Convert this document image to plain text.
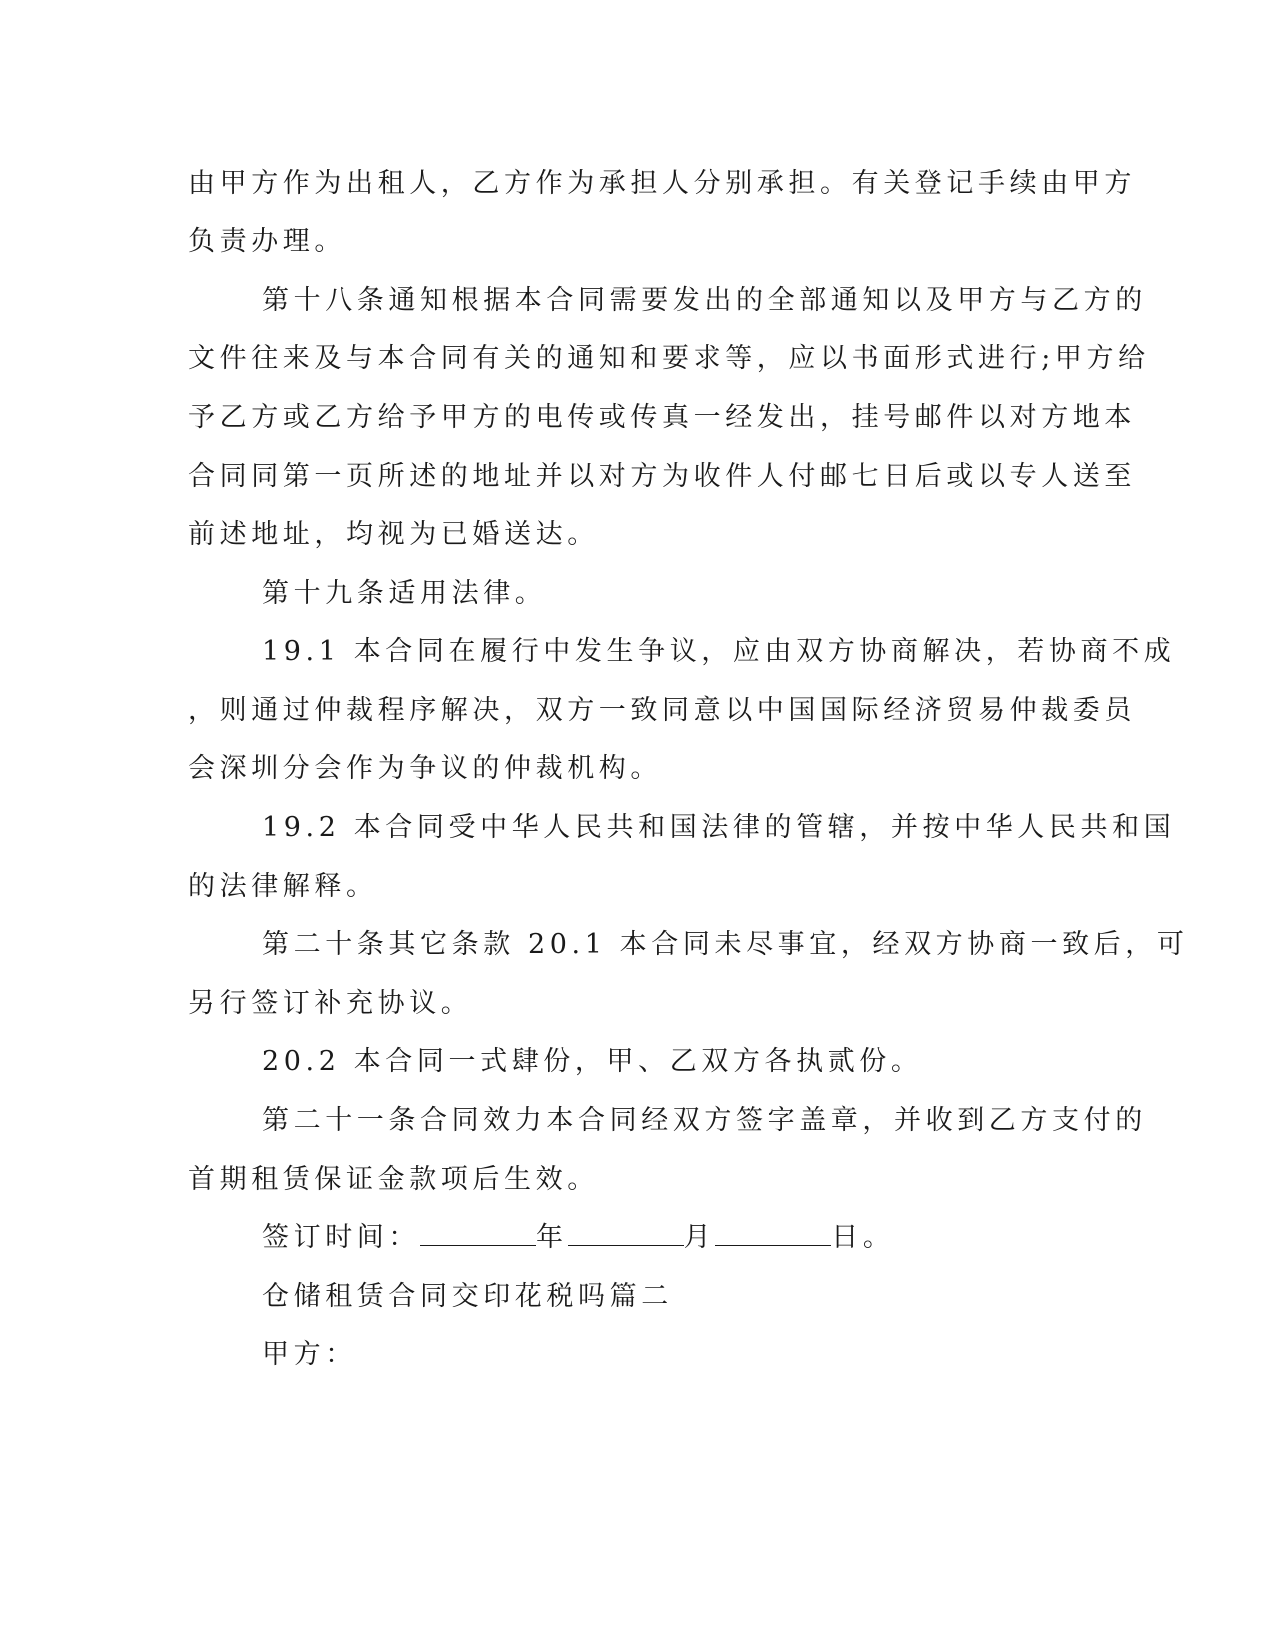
由甲方作为出租人，乙方作为承担人分别承担。有关登记手续由甲方
负责办理。
第十八条通知根据本合同需要发出的全部通知以及甲方与乙方的
文件往来及与本合同有关的通知和要求等，应以书面形式进行;甲方给
予乙方或乙方给予甲方的电传或传真一经发出，挂号邮件以对方地本
合同同第一页所述的地址并以对方为收件人付邮七日后或以专人送至
前述地址，均视为已婚送达。
第十九条适用法律。
19.1 本合同在履行中发生争议，应由双方协商解决，若协商不成
，则通过仲裁程序解决，双方一致同意以中国国际经济贸易仲裁委员
会深圳分会作为争议的仲裁机构。
19.2 本合同受中华人民共和国法律的管辖，并按中华人民共和国
的法律解释。
第二十条其它条款 20.1 本合同未尽事宜，经双方协商一致后，可
另行签订补充协议。
20.2 本合同一式肆份，甲、乙双方各执贰份。
第二十一条合同效力本合同经双方签字盖章，并收到乙方支付的
首期租赁保证金款项后生效。
签订时间：	年	月	日。
仓储租赁合同交印花税吗篇二
甲方：
